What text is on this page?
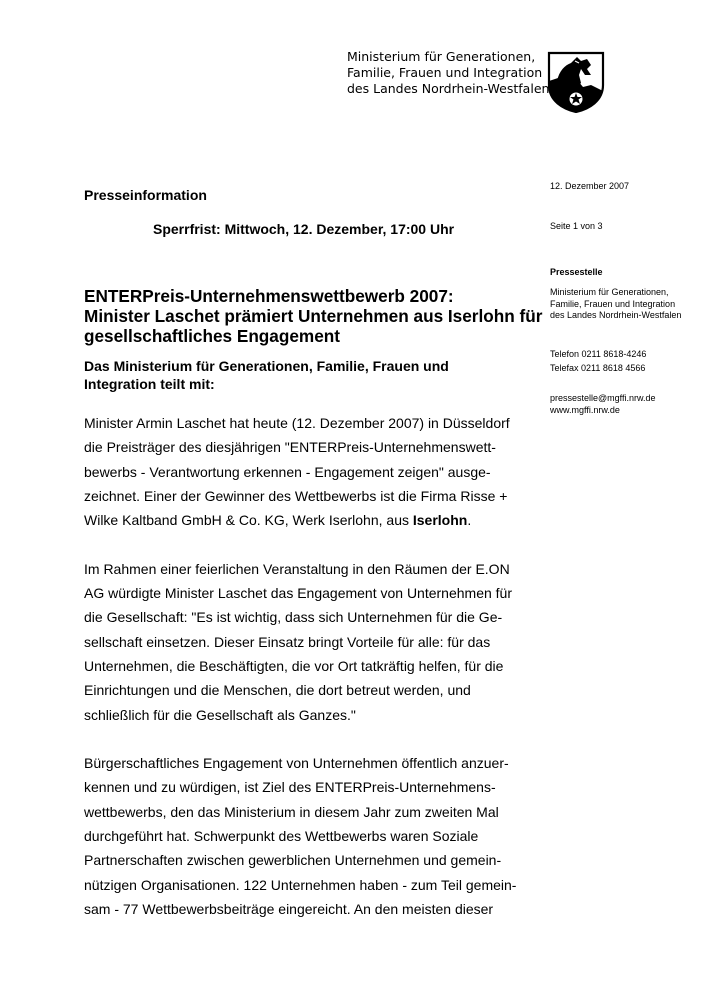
Ministerium für Generationen,
Familie, Frauen und Integration
des Landes Nordrhein-Westfalen
Presseinformation
Sperrfrist: Mittwoch, 12. Dezember, 17:00 Uhr
ENTERPreis-Unternehmenswettbewerb 2007:
Minister Laschet prämiert Unternehmen aus Iserlohn für
gesellschaftliches Engagement
Das Ministerium für Generationen, Familie, Frauen und
Integration teilt mit:
Minister Armin Laschet hat heute (12. Dezember 2007) in Düsseldorf
die Preisträger des diesjährigen "ENTERPreis-Unternehmenswett-
bewerbs - Verantwortung erkennen - Engagement zeigen" ausge-
zeichnet. Einer der Gewinner des Wettbewerbs ist die Firma Risse +
Wilke Kaltband GmbH & Co. KG, Werk Iserlohn, aus Iserlohn.
Im Rahmen einer feierlichen Veranstaltung in den Räumen der E.ON
AG würdigte Minister Laschet das Engagement von Unternehmen für
die Gesellschaft: "Es ist wichtig, dass sich Unternehmen für die Ge-
sellschaft einsetzen. Dieser Einsatz bringt Vorteile für alle: für das
Unternehmen, die Beschäftigten, die vor Ort tatkräftig helfen, für die
Einrichtungen und die Menschen, die dort betreut werden, und
schließlich für die Gesellschaft als Ganzes."
Bürgerschaftliches Engagement von Unternehmen öffentlich anzuer-
kennen und zu würdigen, ist Ziel des ENTERPreis-Unternehmens-
wettbewerbs, den das Ministerium in diesem Jahr zum zweiten Mal
durchgeführt hat. Schwerpunkt des Wettbewerbs waren Soziale
Partnerschaften zwischen gewerblichen Unternehmen und gemein-
nützigen Organisationen. 122 Unternehmen haben - zum Teil gemein-
sam - 77 Wettbewerbsbeiträge eingereicht. An den meisten dieser
12. Dezember 2007
Seite 1 von 3
Pressestelle
Ministerium für Generationen,
Familie, Frauen und Integration
des Landes Nordrhein-Westfalen
Telefon 0211 8618-4246
Telefax 0211 8618 4566
pressestelle@mgffi.nrw.de
www.mgffi.nrw.de
